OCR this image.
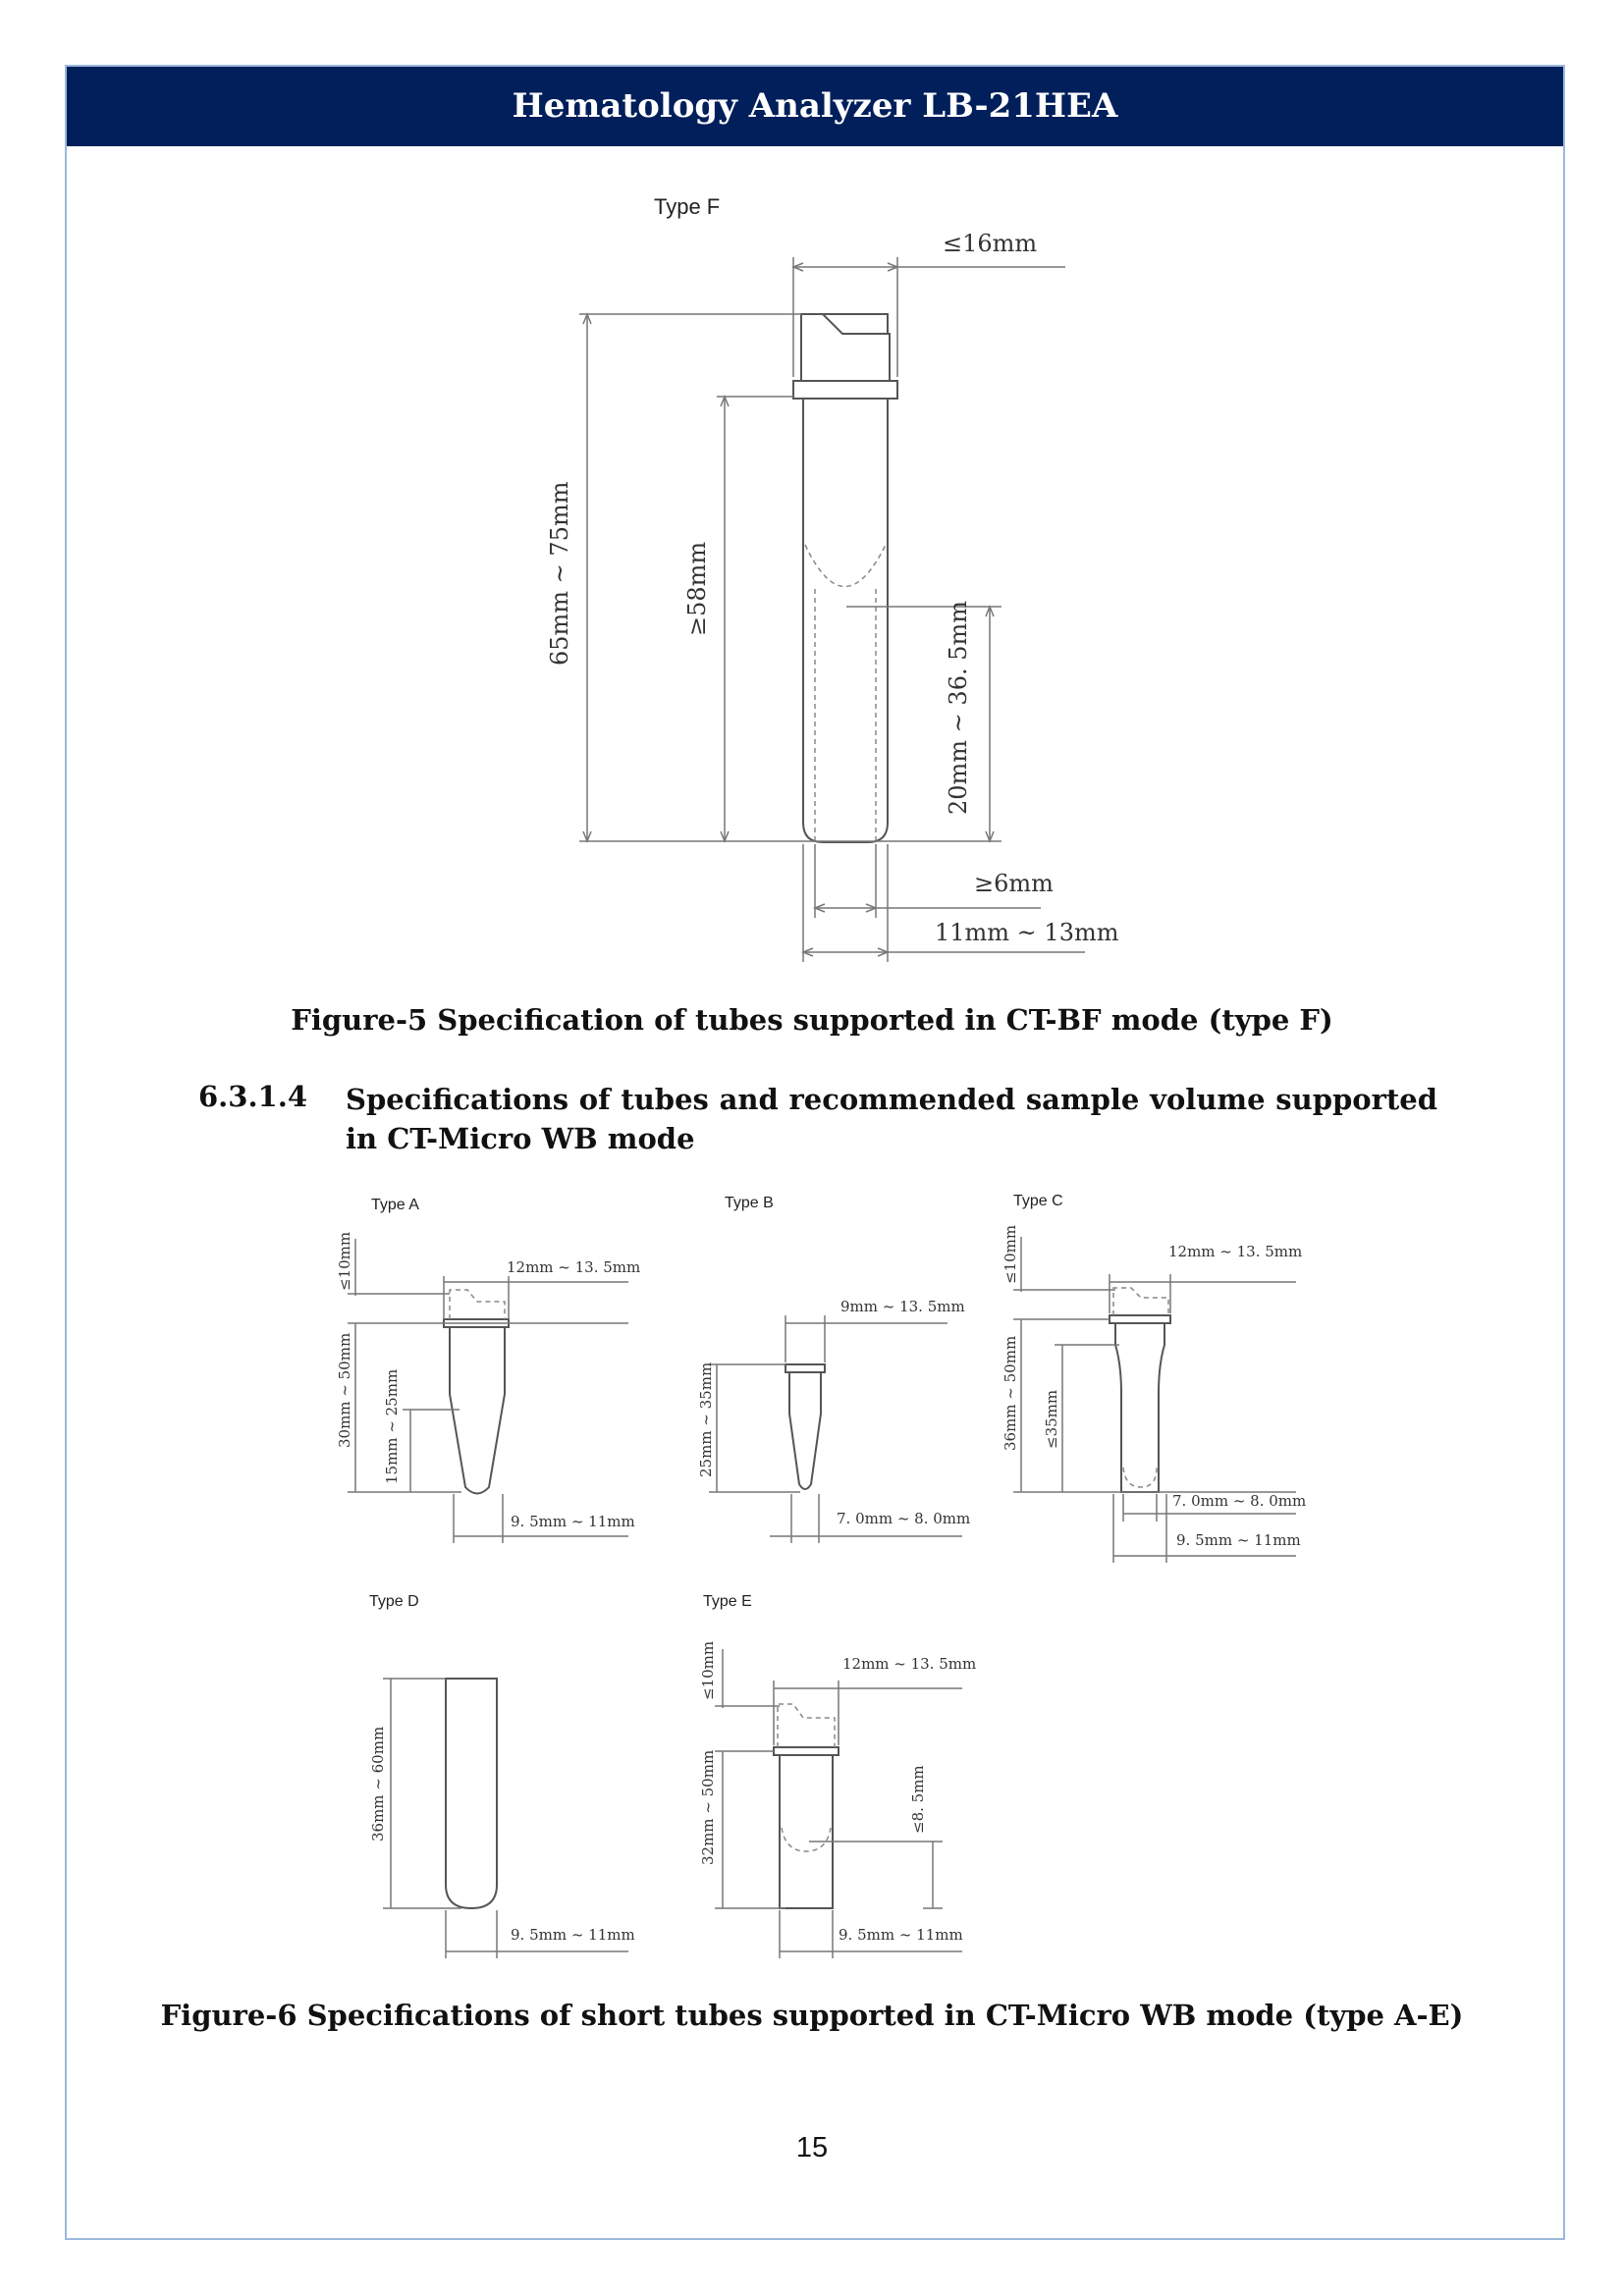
Hematology Analyzer LB-21HEA
Type F
≤16mm
65mm ~ 75mm	≥58mm
20mm ~ 36. 5mm
≥6mm
11mm ~ 13mm
Figure-5 Specification of tubes supported in CT-BF mode (type F)
6.3.1.4 Specifications of tubes and recommended sample volume supported in CT-Micro WB mode
Type A
≤10mm	12mm ~ 13. 5mm
30mm ~ 50mm 15mm ~ 25mm
9. 5mm ~ 11mm
Type B
9mm ~ 13. 5mm
25mm ~ 35mm
7. 0mm ~ 8. 0mm
Type C
≤10mm	12mm ~ 13. 5mm
36mm ~ 50mm ≤35mm
7. 0mm ~ 8. 0mm
9. 5mm ~ 11mm
Type D
36mm ~ 60mm
9. 5mm ~ 11mm
Type E
≤10mm	12mm ~ 13. 5mm
32mm ~ 50mm	≤8. 5mm
9. 5mm ~ 11mm
Figure-6 Specifications of short tubes supported in CT-Micro WB mode (type A-E)
15
